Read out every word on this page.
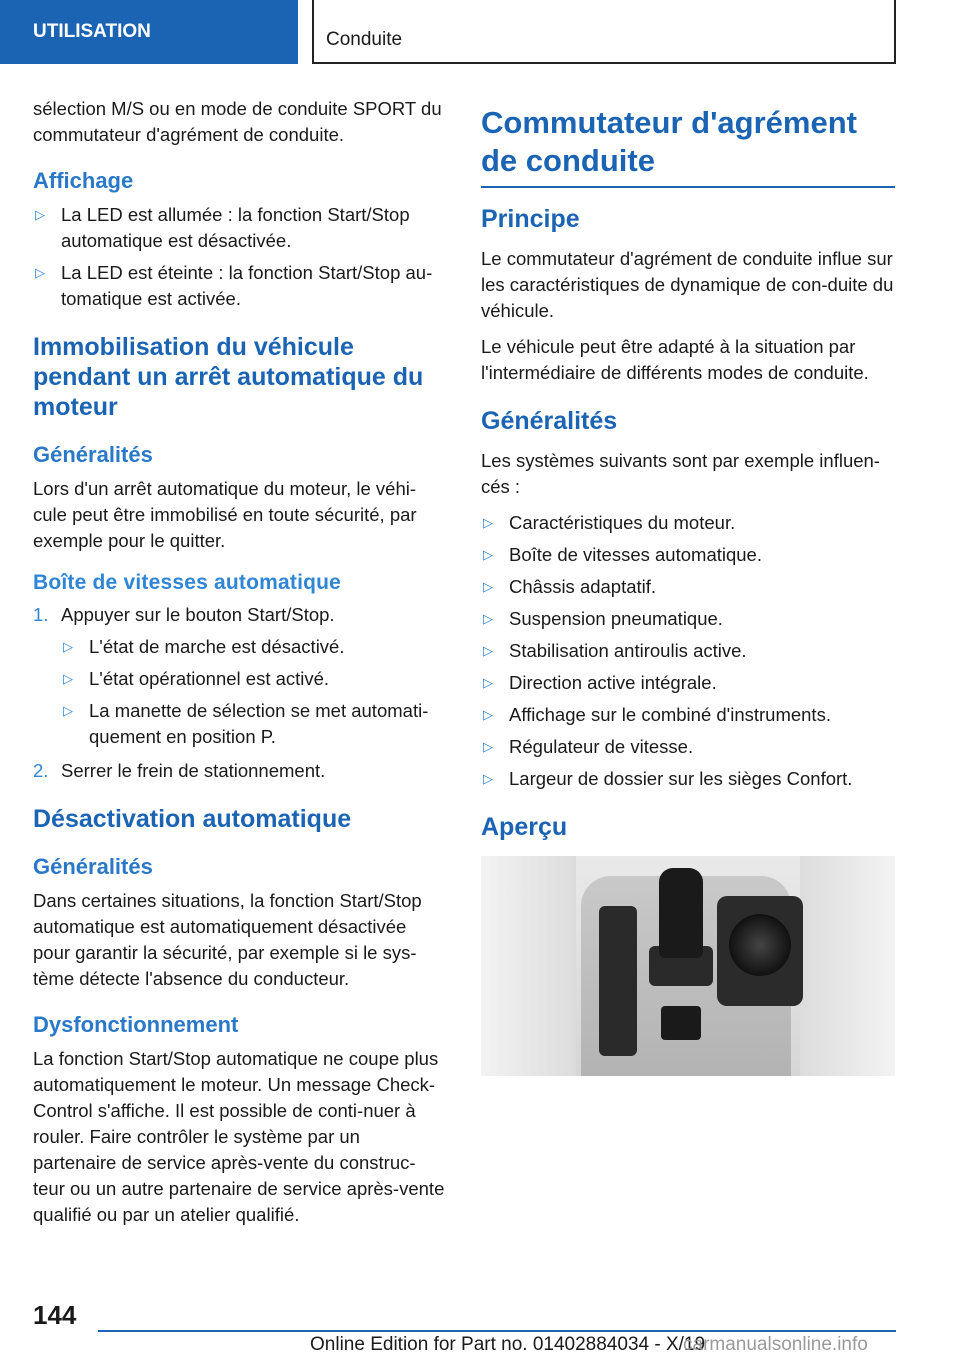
UTILISATION	Conduite

sélection M/S ou en mode de conduite SPORT du commutateur d'agrément de conduite.

Affichage
▷ La LED est allumée : la fonction Start/Stop automatique est désactivée.
▷ La LED est éteinte : la fonction Start/Stop au-tomatique est activée.
Immobilisation du véhicule pendant un arrêt automatique du moteur
Généralités

Lors d'un arrêt automatique du moteur, le véhi-cule peut être immobilisé en toute sécurité, par exemple pour le quitter.

Boîte de vitesses automatique
1. Appuyer sur le bouton Start/Stop.
▷ L'état de marche est désactivé.
▷ L'état opérationnel est activé.
▷ La manette de sélection se met automati-quement en position P.
2. Serrer le frein de stationnement.
Désactivation automatique
Généralités

Dans certaines situations, la fonction Start/Stop automatique est automatiquement désactivée pour garantir la sécurité, par exemple si le sys-tème détecte l'absence du conducteur.

Dysfonctionnement

La fonction Start/Stop automatique ne coupe plus automatiquement le moteur. Un message Check-Control s'affiche. Il est possible de conti-nuer à rouler. Faire contrôler le système par un partenaire de service après-vente du construc-teur ou un autre partenaire de service après-vente qualifié ou par un atelier qualifié.

Commutateur d'agrément de conduite
Principe

Le commutateur d'agrément de conduite influe sur les caractéristiques de dynamique de con-duite du véhicule.

Le véhicule peut être adapté à la situation par l'intermédiaire de différents modes de conduite.

Généralités

Les systèmes suivants sont par exemple influen-cés :

▷ Caractéristiques du moteur.
▷ Boîte de vitesses automatique.
▷ Châssis adaptatif.
▷ Suspension pneumatique.
▷ Stabilisation antiroulis active.
▷ Direction active intégrale.
▷ Affichage sur le combiné d'instruments.
▷ Régulateur de vitesse.
▷ Largeur de dossier sur les sièges Confort.
Aperçu
144
Online Edition for Part no. 01402884034 - X/19
carmanualsonline.info
